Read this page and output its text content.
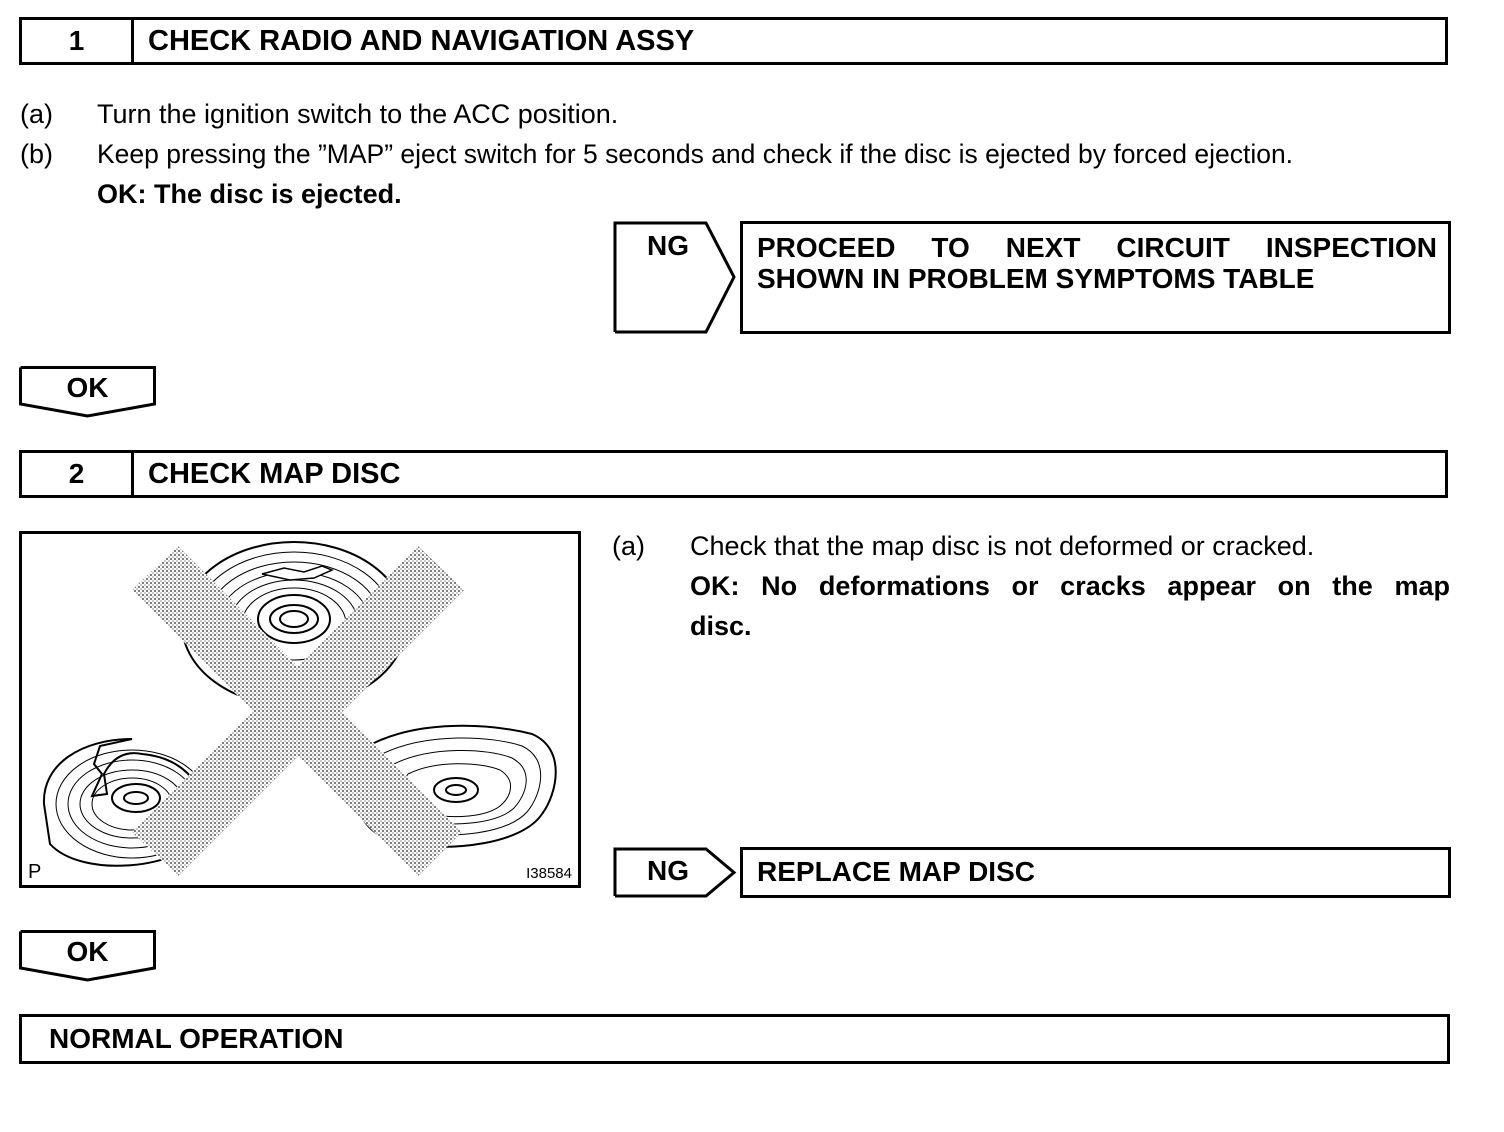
1	CHECK RADIO AND NAVIGATION ASSY
(a) Turn the ignition switch to the ACC position.
(b) Keep pressing the ”MAP” eject switch for 5 seconds and check if the disc is ejected by forced ejection.
OK: The disc is ejected.
NG PROCEED TO NEXT CIRCUIT INSPECTION
SHOWN IN PROBLEM SYMPTOMS TABLE
OK
2	CHECK MAP DISC
P	I38584
(a) Check that the map disc is not deformed or cracked.
OK: No deformations or cracks appear on the map
disc.
NG REPLACE MAP DISC
OK
NORMAL OPERATION
